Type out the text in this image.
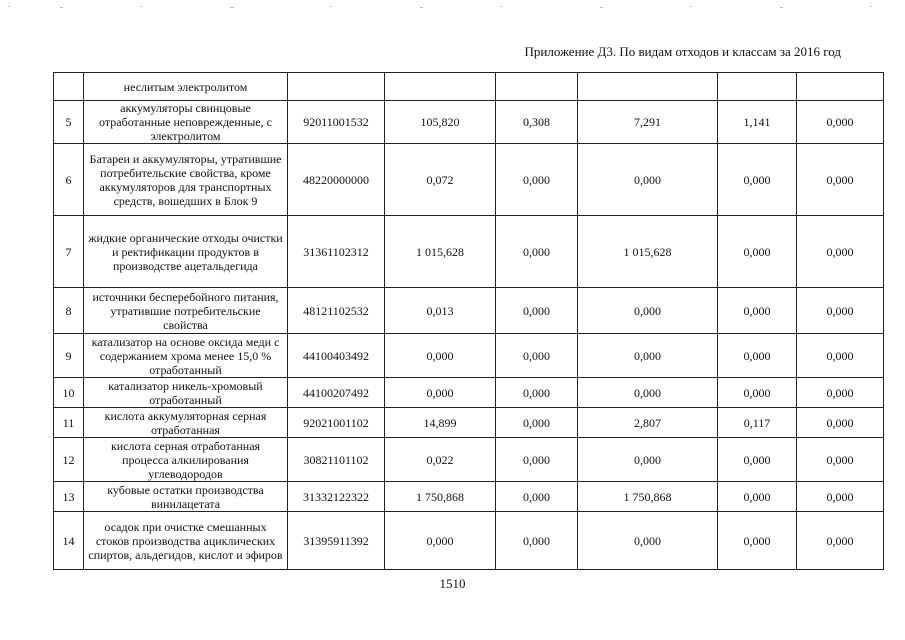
Приложение Д3. По видам отходов и классам за 2016 год
	неслитым электролитом						
5	аккумуляторы свинцовые отработанные неповрежденные, с электролитом	92011001532	105,820	0,308	7,291	1,141	0,000
6	Батареи и аккумуляторы, утратившие потребительские свойства, кроме аккумуляторов для транспортных средств, вошедших в Блок 9	48220000000	0,072	0,000	0,000	0,000	0,000
7	жидкие органические отходы очистки и ректификации продуктов в производстве ацетальдегида	31361102312	1 015,628	0,000	1 015,628	0,000	0,000
8	источники бесперебойного питания, утратившие потребительские свойства	48121102532	0,013	0,000	0,000	0,000	0,000
9	катализатор на основе оксида меди с содержанием хрома менее 15,0 % отработанный	44100403492	0,000	0,000	0,000	0,000	0,000
10	катализатор никель-хромовый отработанный	44100207492	0,000	0,000	0,000	0,000	0,000
11	кислота аккумуляторная серная отработанная	92021001102	14,899	0,000	2,807	0,117	0,000
12	кислота серная отработанная процесса алкилирования углеводородов	30821101102	0,022	0,000	0,000	0,000	0,000
13	кубовые остатки производства винилацетата	31332122322	1 750,868	0,000	1 750,868	0,000	0,000
14	осадок при очистке смешанных стоков производства ациклических спиртов, альдегидов, кислот и эфиров	31395911392	0,000	0,000	0,000	0,000	0,000
1510
